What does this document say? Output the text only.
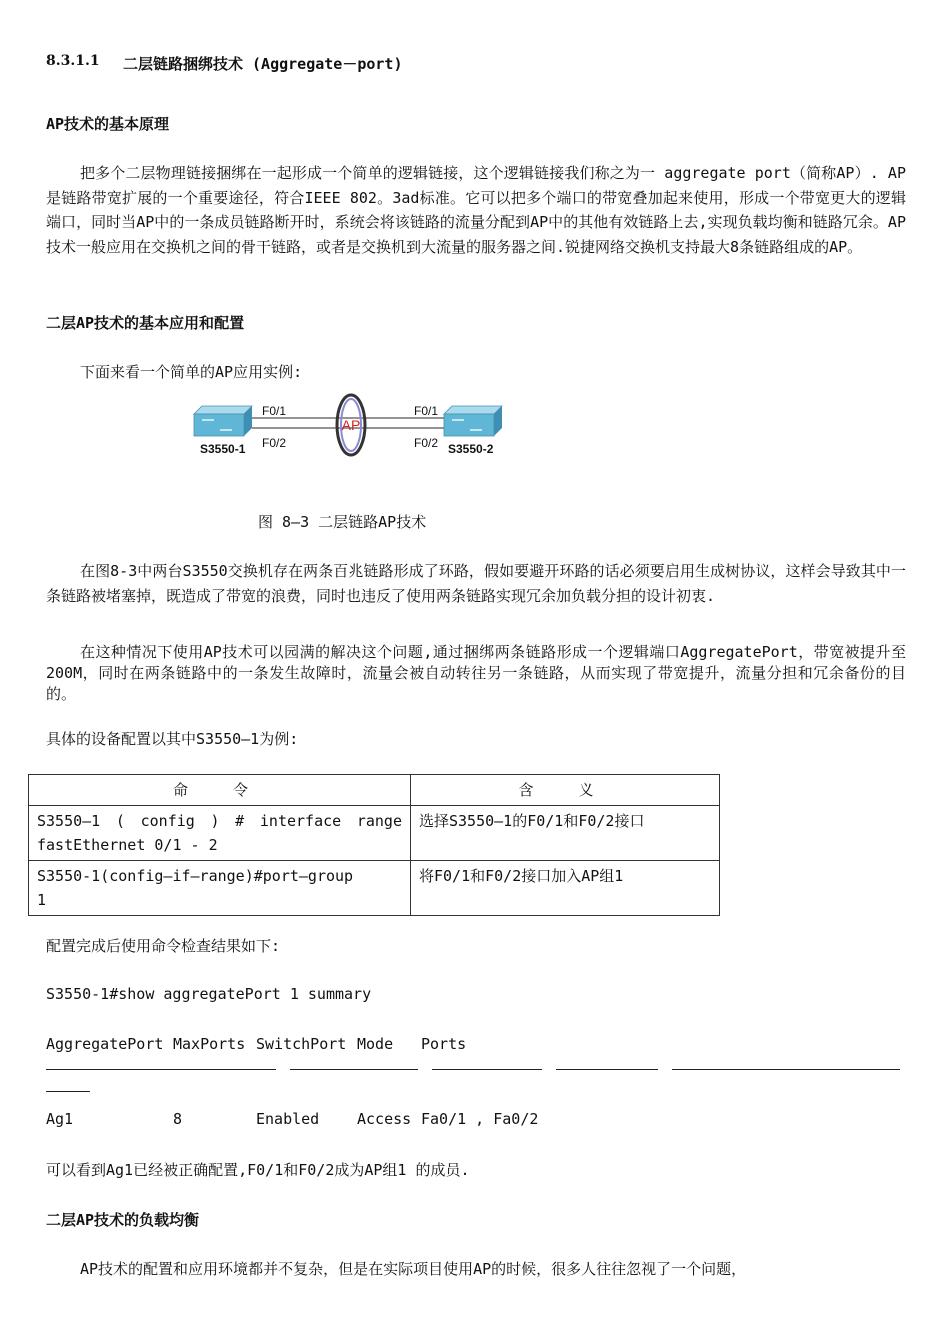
8.3.1.1 二层链路捆绑技术 (Aggregate－port)
AP技术的基本原理
把多个二层物理链接捆绑在一起形成一个简单的逻辑链接，这个逻辑链接我们称之为一 aggregate port（简称AP）. AP是链路带宽扩展的一个重要途径，符合IEEE 802。3ad标准。它可以把多个端口的带宽叠加起来使用，形成一个带宽更大的逻辑端口，同时当AP中的一条成员链路断开时，系统会将该链路的流量分配到AP中的其他有效链路上去,实现负载均衡和链路冗余。AP技术一般应用在交换机之间的骨干链路，或者是交换机到大流量的服务器之间.锐捷网络交换机支持最大8条链路组成的AP。
二层AP技术的基本应用和配置
下面来看一个简单的AP应用实例:
AP
F0/1
F0/2
F0/1
F0/2
S3550-1	S3550-2
图 8—3 二层链路AP技术
在图8-3中两台S3550交换机存在两条百兆链路形成了环路，假如要避开环路的话必须要启用生成树协议，这样会导致其中一条链路被堵塞掉，既造成了带宽的浪费，同时也违反了使用两条链路实现冗余加负载分担的设计初衷.
在这种情况下使用AP技术可以园满的解决这个问题,通过捆绑两条链路形成一个逻辑端口AggregatePort，带宽被提升至200M，同时在两条链路中的一条发生故障时，流量会被自动转往另一条链路，从而实现了带宽提升，流量分担和冗余备份的目的。
具体的设备配置以其中S3550—1为例:
命 令	含 义

S3550—1 ( config ) # interface range
fastEthernet 0/1 - 2	选择S3550—1的F0/1和F0/2接口

S3550-1(config—if—range)#port—group
1	将F0/1和F0/2接口加入AP组1
配置完成后使用命令检查结果如下:
S3550-1#show aggregatePort 1 summary
AggregatePort MaxPorts SwitchPort Mode Ports

Ag1	8	Enabled	Access Fa0/1 , Fa0/2
可以看到Ag1已经被正确配置,F0/1和F0/2成为AP组1 的成员.
二层AP技术的负载均衡
AP技术的配置和应用环境都并不复杂，但是在实际项目使用AP的时候，很多人往往忽视了一个问题，
